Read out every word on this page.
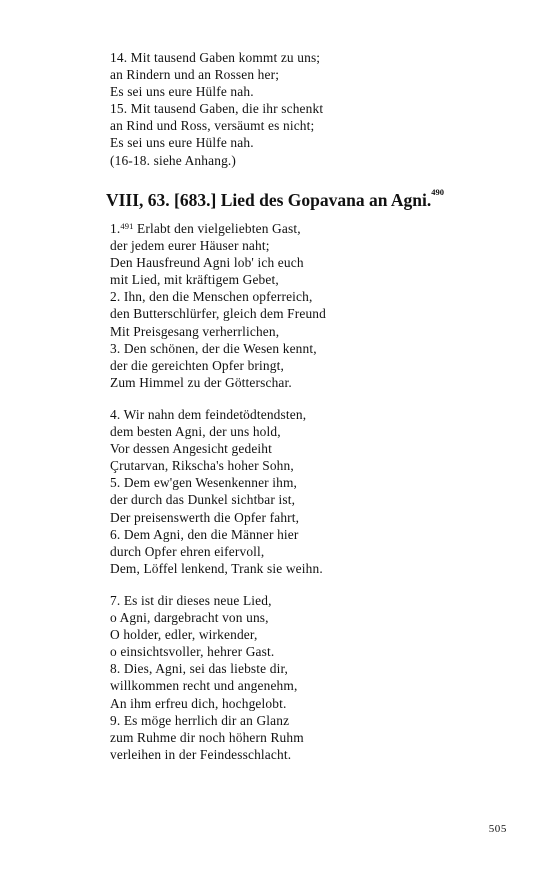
14. Mit tausend Gaben kommt zu uns;
an Rindern und an Rossen her;
Es sei uns eure Hülfe nah.
15. Mit tausend Gaben, die ihr schenkt
an Rind und Ross, versäumt es nicht;
Es sei uns eure Hülfe nah.
(16-18. siehe Anhang.)
VIII, 63. [683.] Lied des Gopavana an Agni.$^{490}$
1.$^{491}$ Erlabt den vielgeliebten Gast,
der jedem eurer Häuser naht;
Den Hausfreund Agni lob' ich euch
mit Lied, mit kräftigem Gebet,
2. Ihn, den die Menschen opferreich,
den Butterschlürfer, gleich dem Freund
Mit Preisgesang verherrlichen,
3. Den schönen, der die Wesen kennt,
der die gereichten Opfer bringt,
Zum Himmel zu der Götterschar.
4. Wir nahn dem feindetödtendsten,
dem besten Agni, der uns hold,
Vor dessen Angesicht gedeiht
Çrutarvan, Rikscha's hoher Sohn,
5. Dem ew'gen Wesenkenner ihm,
der durch das Dunkel sichtbar ist,
Der preisenswerth die Opfer fahrt,
6. Dem Agni, den die Männer hier
durch Opfer ehren eifervoll,
Dem, Löffel lenkend, Trank sie weihn.
7. Es ist dir dieses neue Lied,
o Agni, dargebracht von uns,
O holder, edler, wirkender,
o einsichtsvoller, hehrer Gast.
8. Dies, Agni, sei das liebste dir,
willkommen recht und angenehm,
An ihm erfreu dich, hochgelobt.
9. Es möge herrlich dir an Glanz
zum Ruhme dir noch höhern Ruhm
verleihen in der Feindesschlacht.
505
